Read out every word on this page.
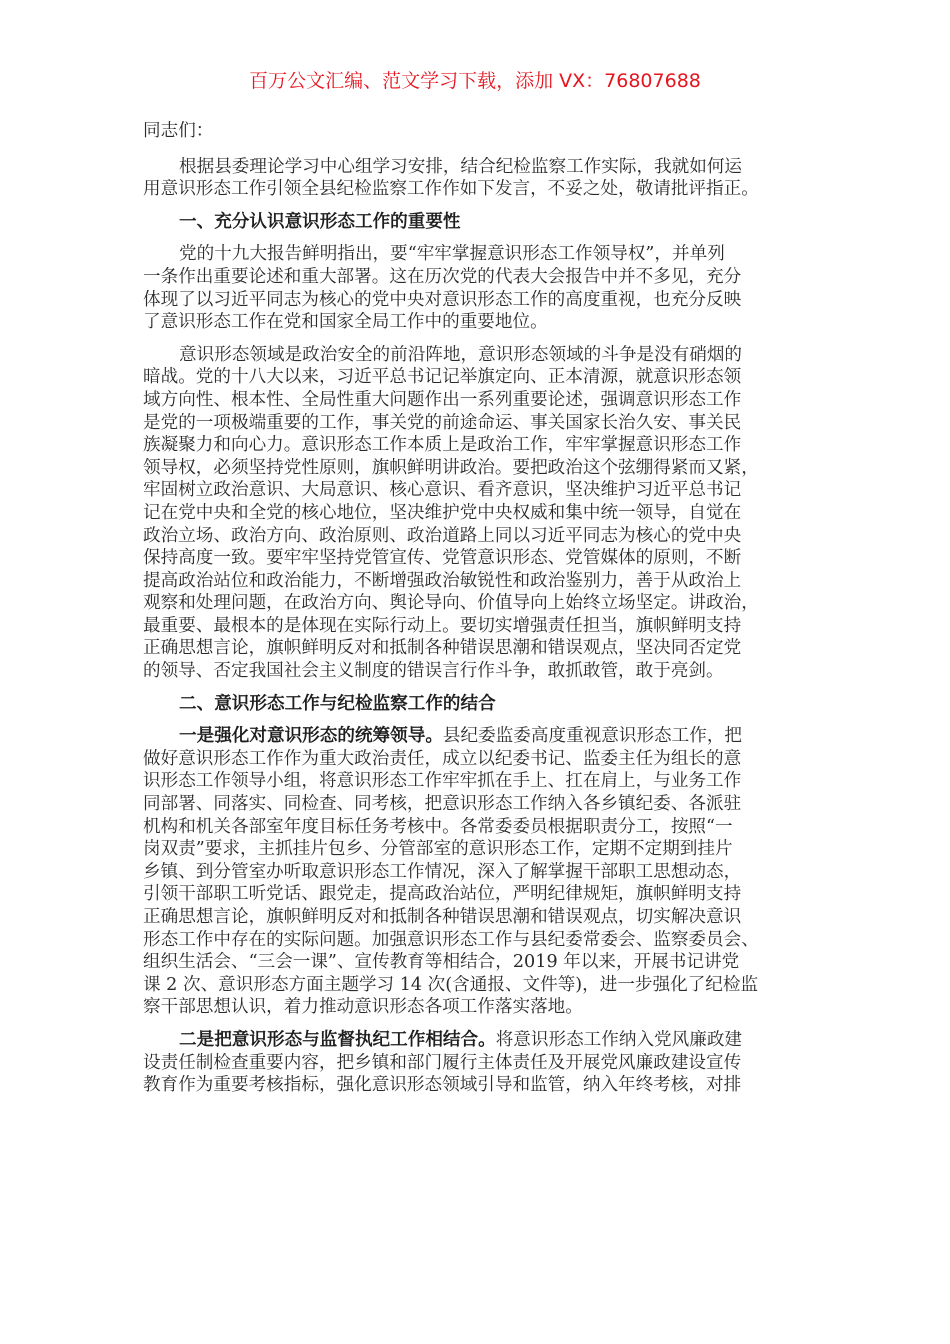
百万公文汇编、范文学习下载，添加 VX：76807688
同志们：
根据县委理论学习中心组学习安排，结合纪检监察工作实际，我就如何运
用意识形态工作引领全县纪检监察工作作如下发言，不妥之处，敬请批评指正。
一、充分认识意识形态工作的重要性
党的十九大报告鲜明指出，要“牢牢掌握意识形态工作领导权”，并单列
一条作出重要论述和重大部署。这在历次党的代表大会报告中并不多见，充分
体现了以习近平同志为核心的党中央对意识形态工作的高度重视，也充分反映
了意识形态工作在党和国家全局工作中的重要地位。
意识形态领域是政治安全的前沿阵地，意识形态领域的斗争是没有硝烟的
暗战。党的十八大以来，习近平总书记记举旗定向、正本清源，就意识形态领
域方向性、根本性、全局性重大问题作出一系列重要论述，强调意识形态工作
是党的一项极端重要的工作，事关党的前途命运、事关国家长治久安、事关民
族凝聚力和向心力。意识形态工作本质上是政治工作，牢牢掌握意识形态工作
领导权，必须坚持党性原则，旗帜鲜明讲政治。要把政治这个弦绷得紧而又紧，
牢固树立政治意识、大局意识、核心意识、看齐意识，坚决维护习近平总书记
记在党中央和全党的核心地位，坚决维护党中央权威和集中统一领导，自觉在
政治立场、政治方向、政治原则、政治道路上同以习近平同志为核心的党中央
保持高度一致。要牢牢坚持党管宣传、党管意识形态、党管媒体的原则，不断
提高政治站位和政治能力，不断增强政治敏锐性和政治鉴别力，善于从政治上
观察和处理问题，在政治方向、舆论导向、价值导向上始终立场坚定。讲政治，
最重要、最根本的是体现在实际行动上。要切实增强责任担当，旗帜鲜明支持
正确思想言论，旗帜鲜明反对和抵制各种错误思潮和错误观点，坚决同否定党
的领导、否定我国社会主义制度的错误言行作斗争，敢抓敢管，敢于亮剑。
二、意识形态工作与纪检监察工作的结合
一是强化对意识形态的统筹领导。县纪委监委高度重视意识形态工作，把
做好意识形态工作作为重大政治责任，成立以纪委书记、监委主任为组长的意
识形态工作领导小组，将意识形态工作牢牢抓在手上、扛在肩上，与业务工作
同部署、同落实、同检查、同考核，把意识形态工作纳入各乡镇纪委、各派驻
机构和机关各部室年度目标任务考核中。各常委委员根据职责分工，按照“一
岗双责”要求，主抓挂片包乡、分管部室的意识形态工作，定期不定期到挂片
乡镇、到分管室办听取意识形态工作情况，深入了解掌握干部职工思想动态，
引领干部职工听党话、跟党走，提高政治站位，严明纪律规矩，旗帜鲜明支持
正确思想言论，旗帜鲜明反对和抵制各种错误思潮和错误观点，切实解决意识
形态工作中存在的实际问题。加强意识形态工作与县纪委常委会、监察委员会、
组织生活会、“三会一课”、宣传教育等相结合，2019 年以来，开展书记讲党
课 2 次、意识形态方面主题学习 14 次(含通报、文件等)，进一步强化了纪检监
察干部思想认识，着力推动意识形态各项工作落实落地。
二是把意识形态与监督执纪工作相结合。将意识形态工作纳入党风廉政建
设责任制检查重要内容，把乡镇和部门履行主体责任及开展党风廉政建设宣传
教育作为重要考核指标，强化意识形态领域引导和监管，纳入年终考核，对排
